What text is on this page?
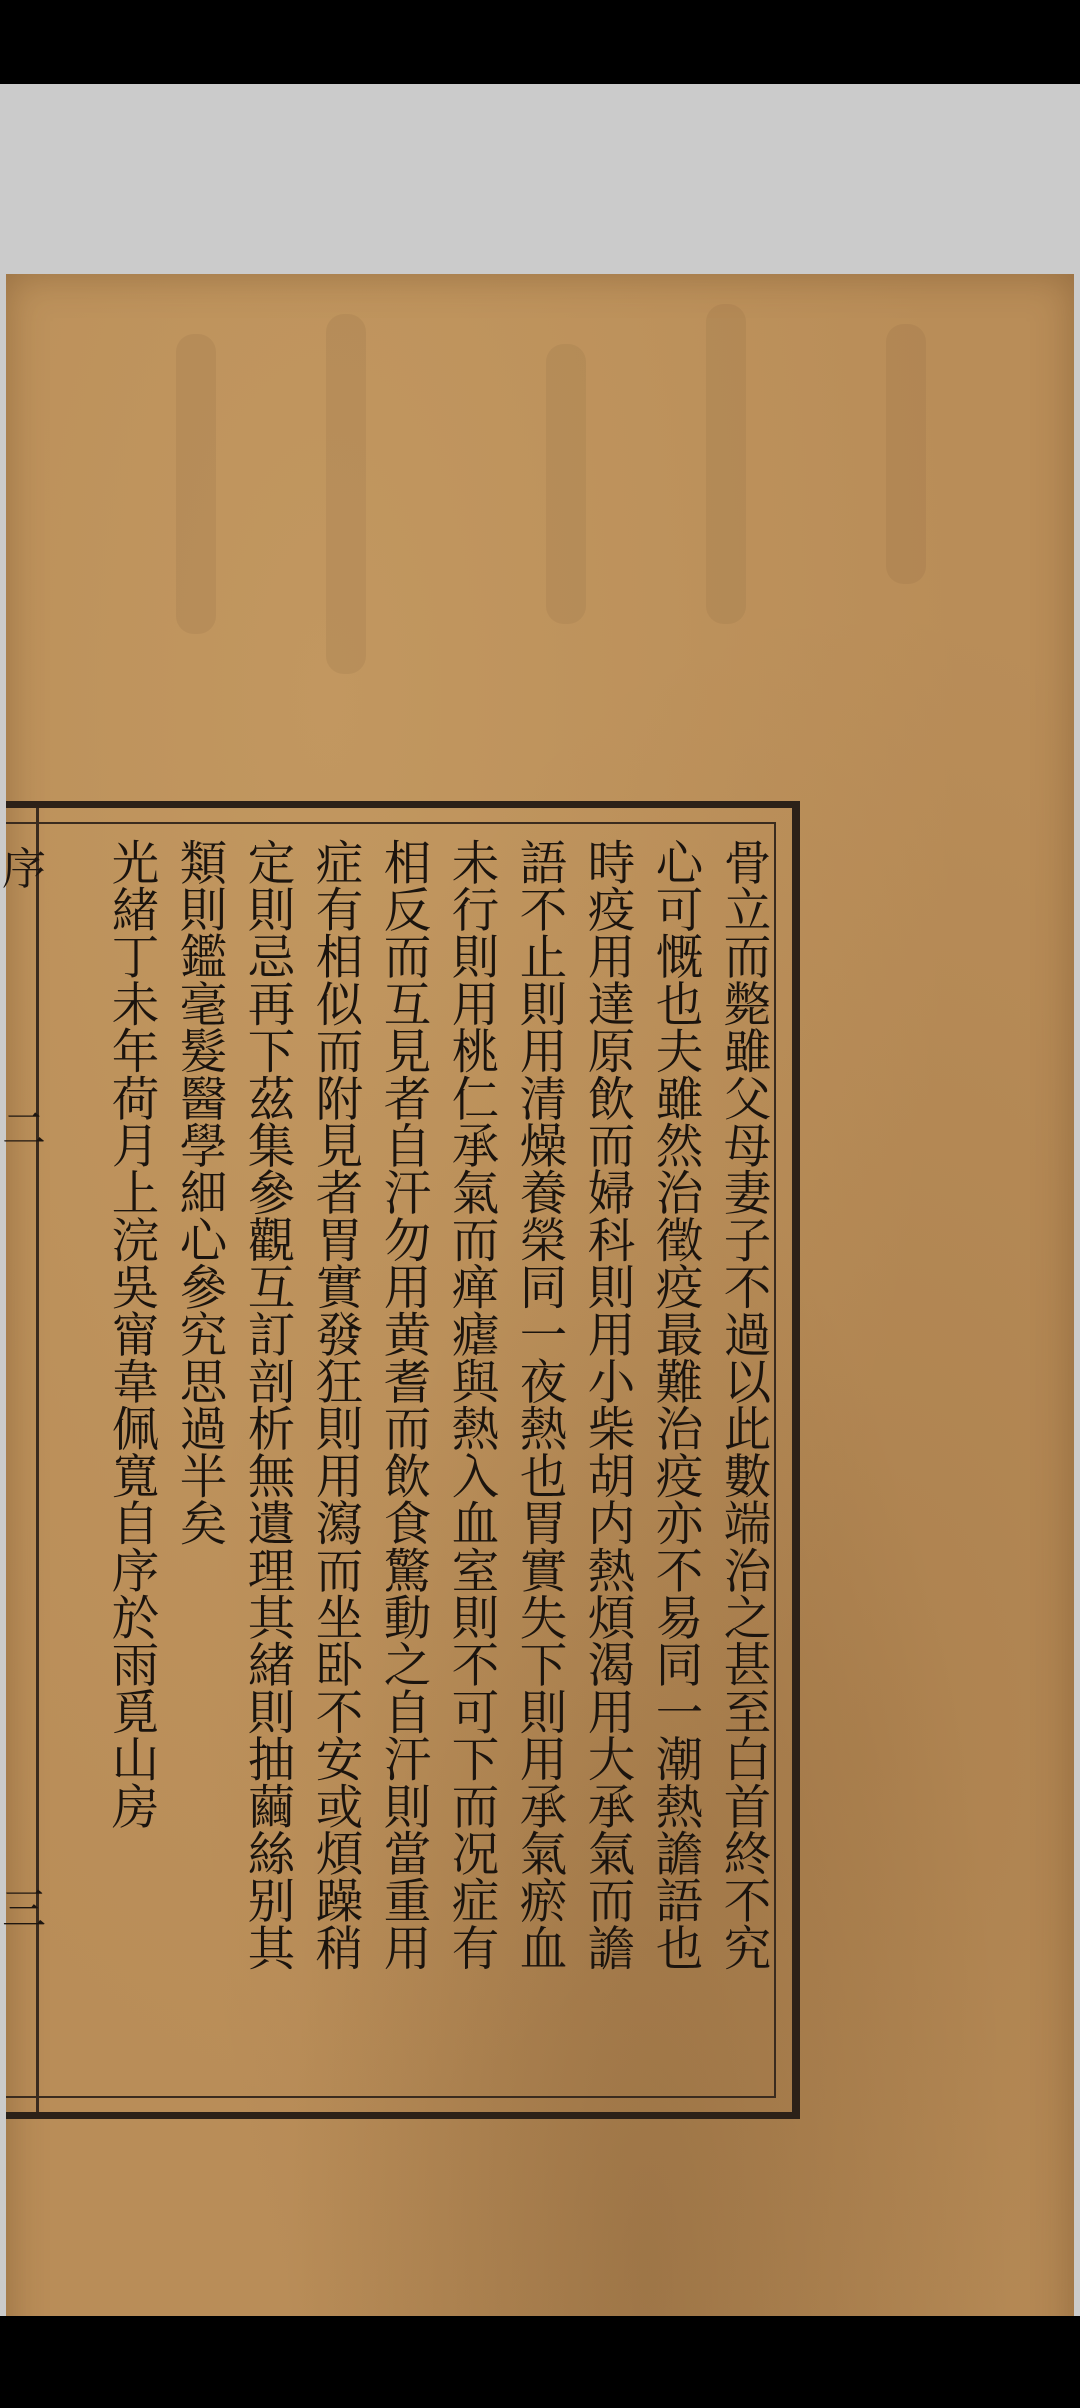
序
二
三	骨立而斃雖父母妻子不過以此數端治之甚至白首終不究
心可慨也夫雖然治徵疫最難治疫亦不易同一潮熱譫語也
時疫用達原飲而婦科則用小柴胡内熱煩渴用大承氣而譫
語不止則用清燥養榮同一夜熱也胃實失下則用承氣瘀血
未行則用桃仁承氣而瘅瘧與熱入血室則不可下而况症有
相反而互見者自汗勿用黄耆而飲食驚動之自汗則當重用
症有相似而附見者胃實發狂則用瀉而坐卧不安或煩躁稍
定則忌再下茲集參觀互訂剖析無遺理其緒則抽繭絲别其
類則鑑毫髮醫學細心參究思過半矣
光緒丁未年荷月上浣吳甯韋佩寬自序於雨覓山房
